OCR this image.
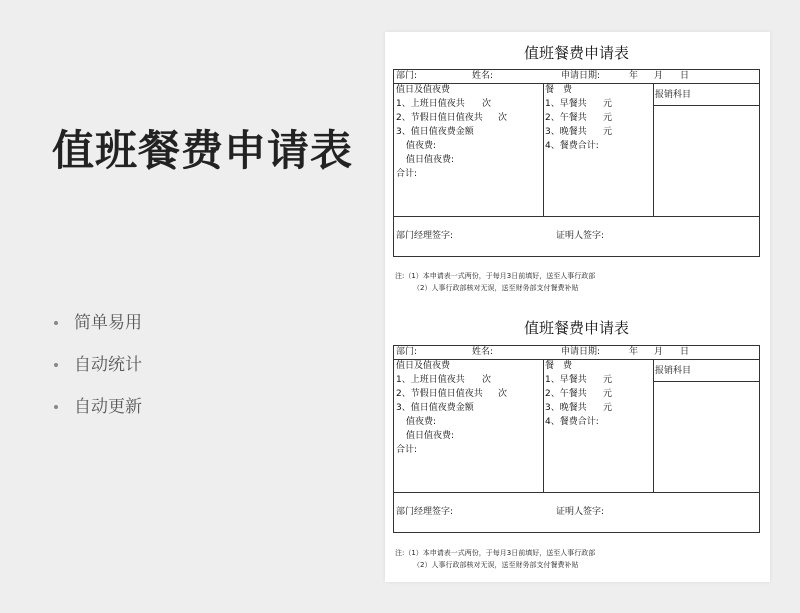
值班餐费申请表
简单易用
自动统计
自动更新
值班餐费申请表
部门:	姓名:	申请日期:	年 月 日
值日及值夜费
1、上班日值夜共 次
2、节假日值日值夜共 次
3、值日值夜费金额
值夜费:
值日值夜费:
合计:
餐　费
1、早餐共 元
2、午餐共 元
3、晚餐共 元
4、餐费合计:
报销科目
部门经理签字:	证明人签字:
注:（1）本申请表一式两份，于每月3日前填好，送至人事行政部
（2）人事行政部核对无误，送至财务部支付餐费补贴
值班餐费申请表
部门:	姓名:	申请日期:	年 月 日
值日及值夜费
1、上班日值夜共 次
2、节假日值日值夜共 次
3、值日值夜费金额
值夜费:
值日值夜费:
合计:
餐　费
1、早餐共 元
2、午餐共 元
3、晚餐共 元
4、餐费合计:
报销科目
部门经理签字:	证明人签字:
注:（1）本申请表一式两份，于每月3日前填好，送至人事行政部
（2）人事行政部核对无误，送至财务部支付餐费补贴
